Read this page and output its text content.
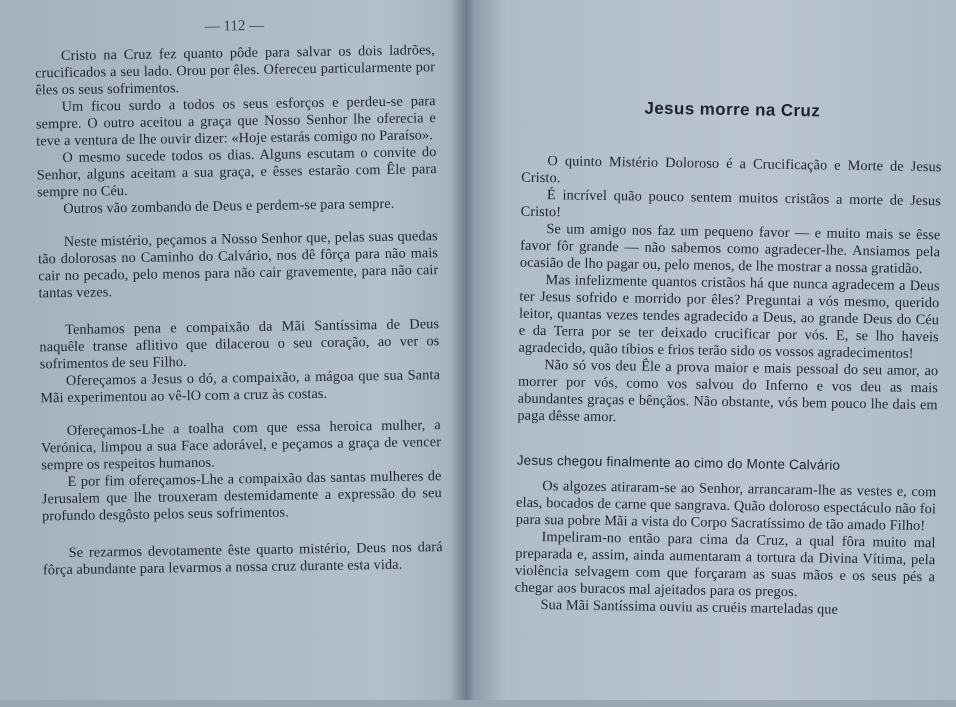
— 112 —

Cristo na Cruz fez quanto pôde para salvar os dois ladrões, crucificados a seu lado. Orou por êles. Ofereceu particularmente por êles os seus sofrimentos.

Um ficou surdo a todos os seus esforços e perdeu-se para sempre. O outro aceitou a graça que Nosso Senhor lhe oferecia e teve a ventura de lhe ouvir dizer: «Hoje estarás comigo no Paraíso».

O mesmo sucede todos os dias. Alguns escutam o convite do Senhor, alguns aceitam a sua graça, e êsses estarão com Êle para sempre no Céu.

Outros vão zombando de Deus e perdem-se para sempre.

Neste mistério, peçamos a Nosso Senhor que, pelas suas quedas tão dolorosas no Caminho do Calvário, nos dê fôrça para não mais cair no pecado, pelo menos para não cair gravemente, para não cair tantas vezes.

Tenhamos pena e compaixão da Mãi Santíssima de Deus naquêle transe aflitivo que dilacerou o seu coração, ao ver os sofrimentos de seu Filho.

Ofereçamos a Jesus o dó, a compaixão, a mágoa que sua Santa Mãi experimentou ao vê-lO com a cruz às costas.

Ofereçamos-Lhe a toalha com que essa heroica mulher, a Verónica, limpou a sua Face adorável, e peçamos a graça de vencer sempre os respeitos humanos.

E por fim ofereçamos-Lhe a compaixão das santas mulheres de Jerusalem que lhe trouxeram destemidamente a expressão do seu profundo desgôsto pelos seus sofrimentos.

Se rezarmos devotamente êste quarto mistério, Deus nos dará fôrça abundante para levarmos a nossa cruz durante esta vida.

Jesus morre na Cruz

O quinto Mistério Doloroso é a Crucificação e Morte de Jesus Cristo.

É incrível quão pouco sentem muitos cristãos a morte de Jesus Cristo!

Se um amigo nos faz um pequeno favor — e muito mais se êsse favor fôr grande — não sabemos como agradecer-lhe. Ansiamos pela ocasião de lho pagar ou, pelo menos, de lhe mostrar a nossa gratidão.

Mas infelizmente quantos cristãos há que nunca agradecem a Deus ter Jesus sofrido e morrido por êles? Preguntai a vós mesmo, querido leitor, quantas vezes tendes agradecido a Deus, ao grande Deus do Céu e da Terra por se ter deixado crucificar por vós. E, se lho haveis agradecido, quão tíbios e frios terão sido os vossos agradecimentos!

Não só vos deu Êle a prova maior e mais pessoal do seu amor, ao morrer por vós, como vos salvou do Inferno e vos deu as mais abundantes graças e bênçãos. Não obstante, vós bem pouco lhe dais em paga dêsse amor.

Jesus chegou finalmente ao cimo do Monte Calvário

Os algozes atiraram-se ao Senhor, arrancaram-lhe as vestes e, com elas, bocados de carne que sangrava. Quão doloroso espectáculo não foi para sua pobre Mãi a vista do Corpo Sacratíssimo de tão amado Filho!

Impeliram-no então para cima da Cruz, a qual fôra muito mal preparada e, assim, ainda aumentaram a tortura da Divina Vítima, pela violência selvagem com que forçaram as suas mãos e os seus pés a chegar aos buracos mal ajeitados para os pregos.

Sua Mãi Santíssima ouviu as cruéis marteladas que
